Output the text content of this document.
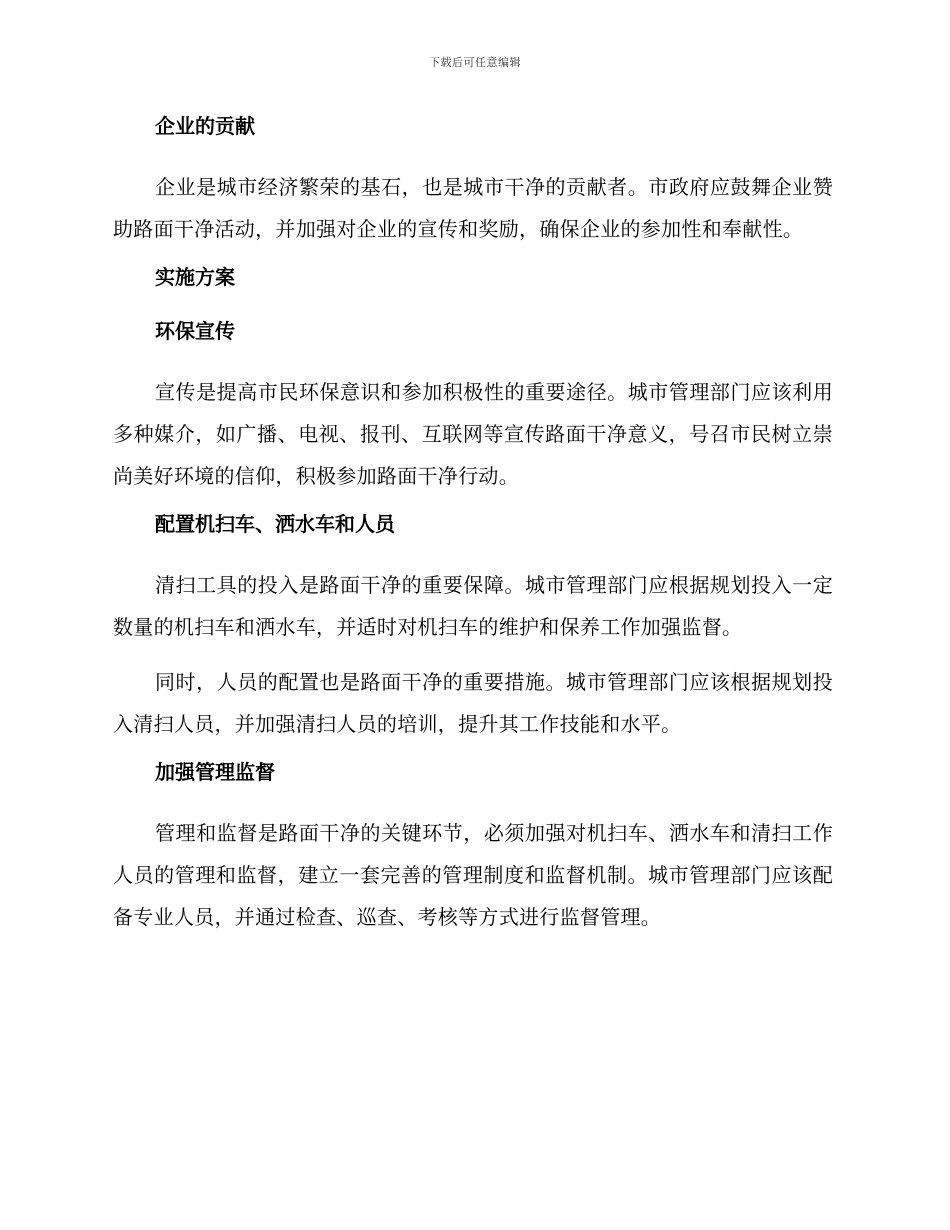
下载后可任意编辑
企业的贡献

企业是城市经济繁荣的基石，也是城市干净的贡献者。市政府应鼓舞企业赞助路面干净活动，并加强对企业的宣传和奖励，确保企业的参加性和奉献性。

实施方案
环保宣传

宣传是提高市民环保意识和参加积极性的重要途径。城市管理部门应该利用多种媒介，如广播、电视、报刊、互联网等宣传路面干净意义，号召市民树立崇尚美好环境的信仰，积极参加路面干净行动。

配置机扫车、洒水车和人员

清扫工具的投入是路面干净的重要保障。城市管理部门应根据规划投入一定数量的机扫车和洒水车，并适时对机扫车的维护和保养工作加强监督。

同时，人员的配置也是路面干净的重要措施。城市管理部门应该根据规划投入清扫人员，并加强清扫人员的培训，提升其工作技能和水平。

加强管理监督

管理和监督是路面干净的关键环节，必须加强对机扫车、洒水车和清扫工作人员的管理和监督，建立一套完善的管理制度和监督机制。城市管理部门应该配备专业人员，并通过检查、巡查、考核等方式进行监督管理。
